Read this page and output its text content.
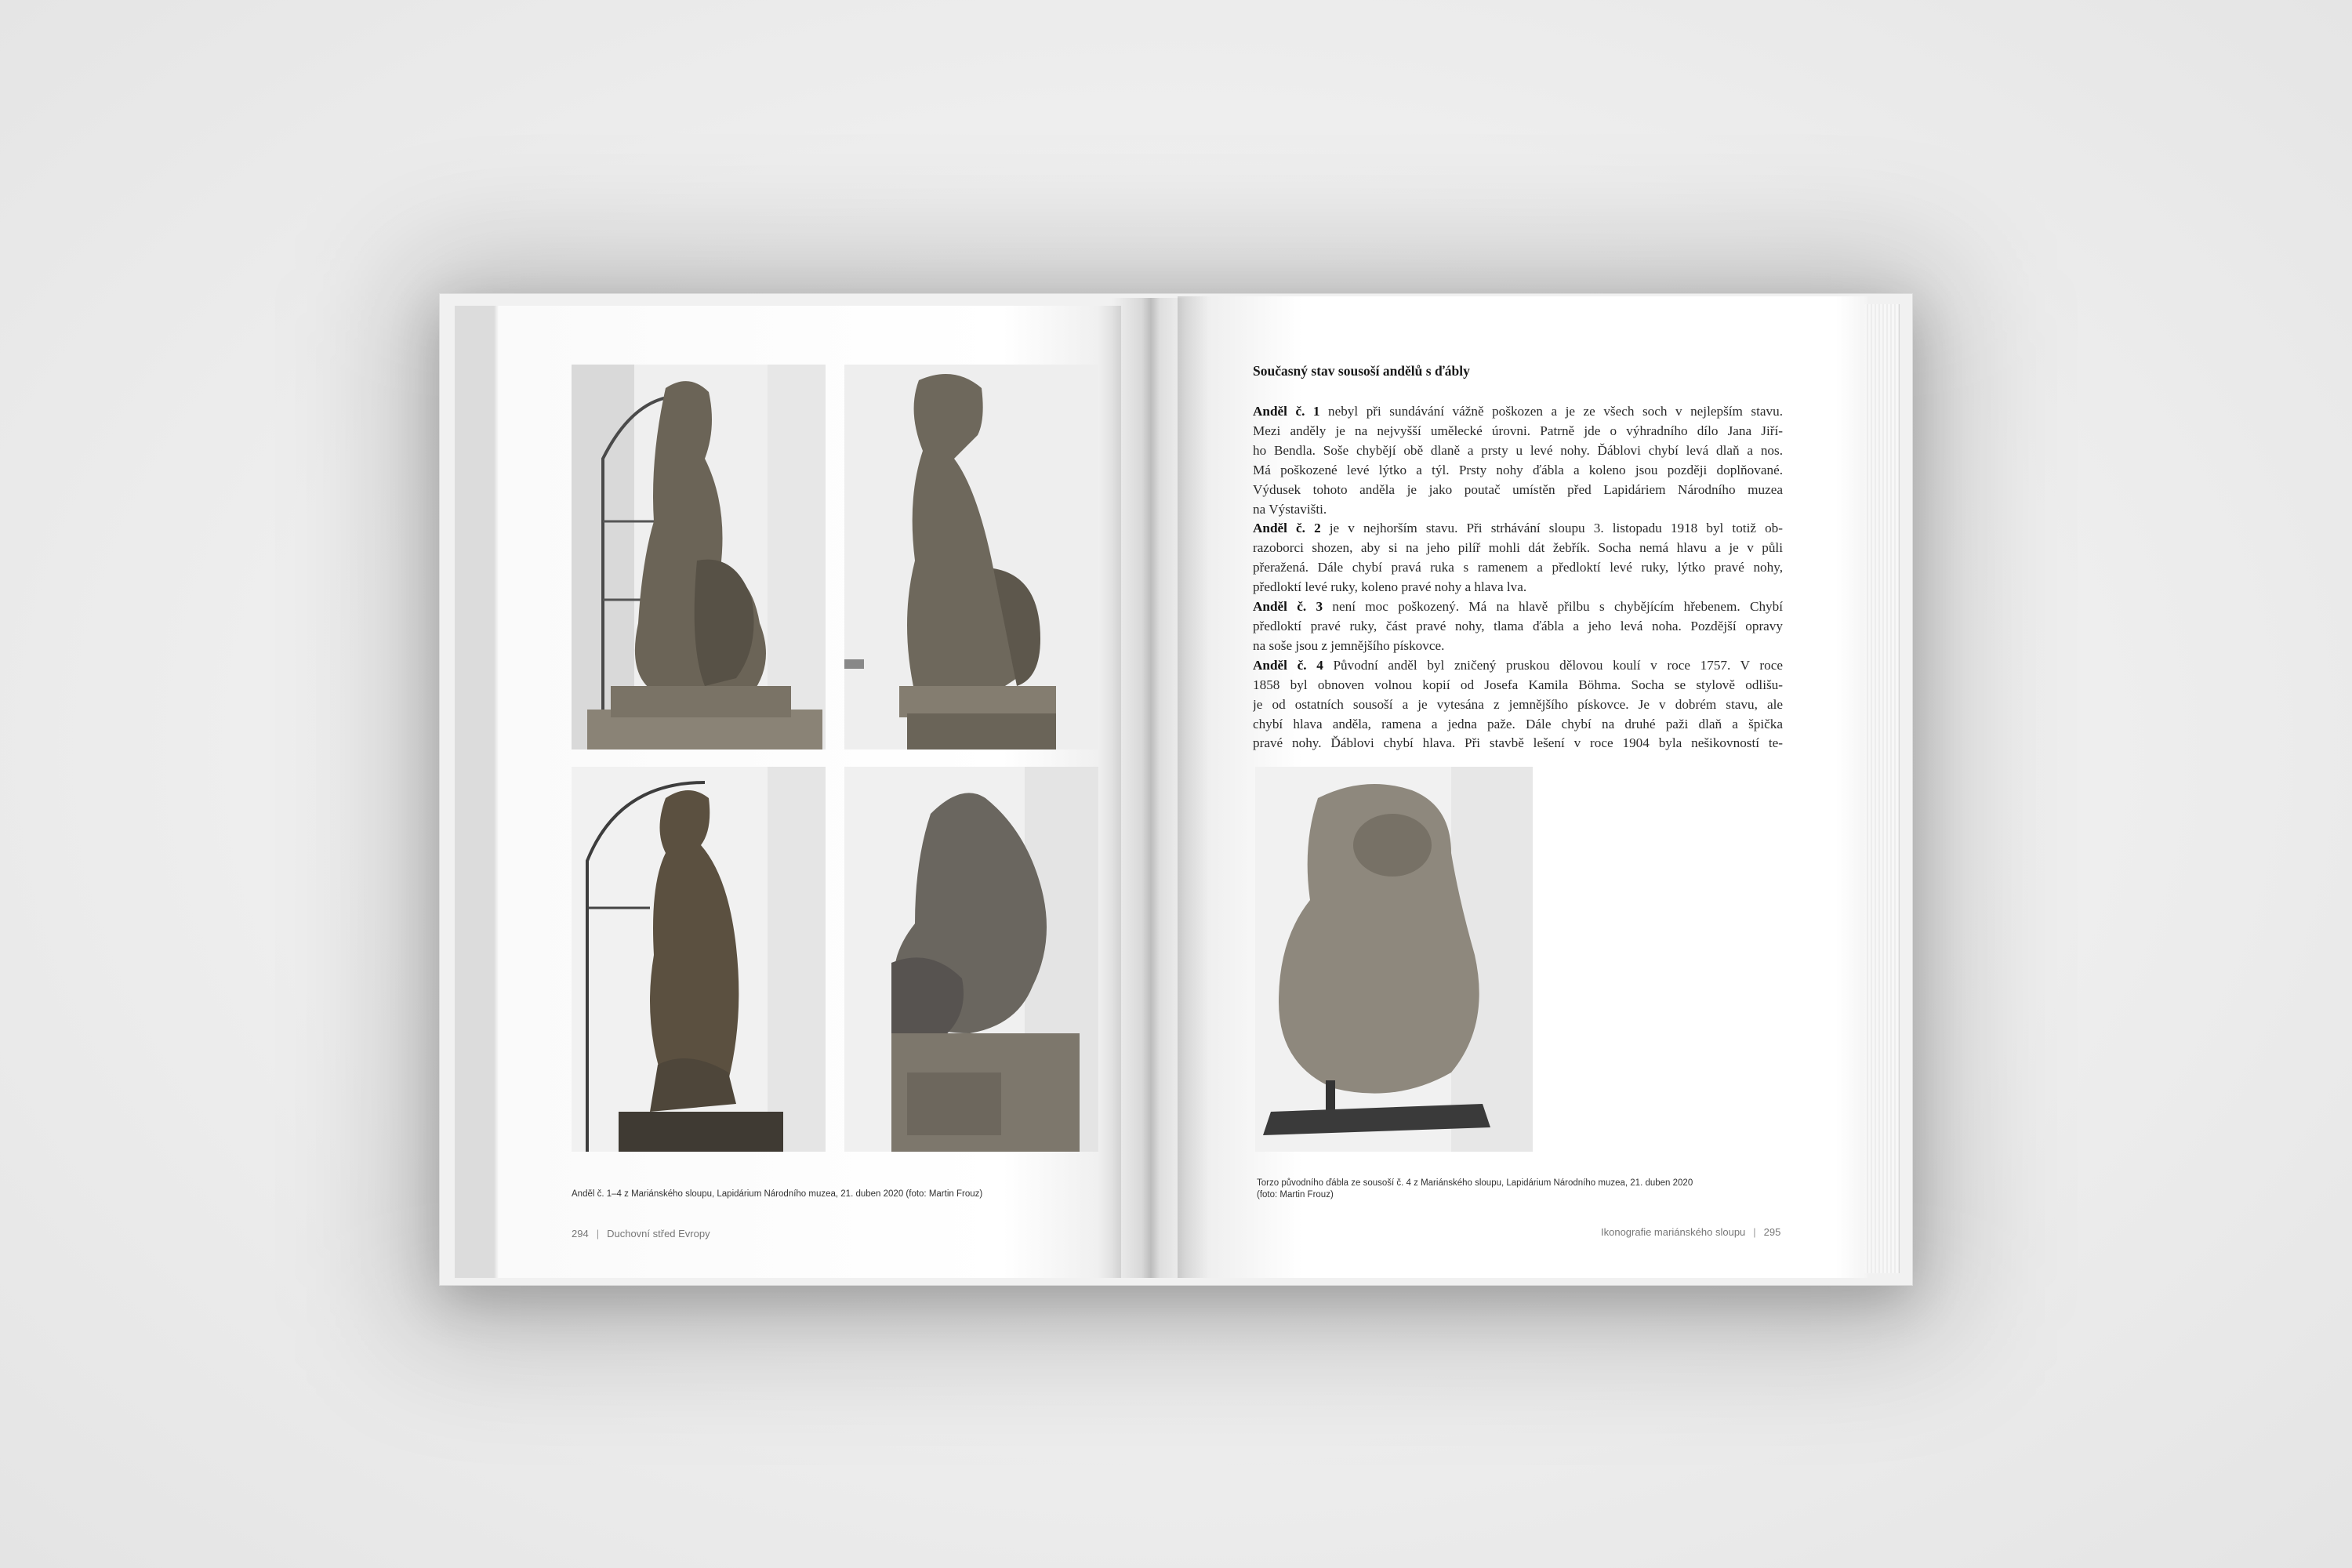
Anděl č. 1–4 z Mariánského sloupu, Lapidárium Národního muzea, 21. duben 2020 (foto: Martin Frouz)
294 | Duchovní střed Evropy
Současný stav sousoší andělů s ďábly
Anděl č. 1 nebyl při sundávání vážně poškozen a je ze všech soch v nejlepším stavu.
Mezi anděly je na nejvyšší umělecké úrovni. Patrně jde o výhradního dílo Jana Jiří-
ho Bendla. Soše chybějí obě dlaně a prsty u levé nohy. Ďáblovi chybí levá dlaň a nos.
Má poškozené levé lýtko a týl. Prsty nohy ďábla a koleno jsou později doplňované.
Výdusek tohoto anděla je jako poutač umístěn před Lapidáriem Národního muzea
na Výstavišti.
Anděl č. 2 je v nejhorším stavu. Při strhávání sloupu 3. listopadu 1918 byl totiž ob-
razoborci shozen, aby si na jeho pilíř mohli dát žebřík. Socha nemá hlavu a je v půli
přeražená. Dále chybí pravá ruka s ramenem a předloktí levé ruky, lýtko pravé nohy,
předloktí levé ruky, koleno pravé nohy a hlava lva.
Anděl č. 3 není moc poškozený. Má na hlavě přilbu s chybějícím hřebenem. Chybí
předloktí pravé ruky, část pravé nohy, tlama ďábla a jeho levá noha. Pozdější opravy
na soše jsou z jemnějšího pískovce.
Anděl č. 4 Původní anděl byl zničený pruskou dělovou koulí v roce 1757. V roce
1858 byl obnoven volnou kopií od Josefa Kamila Böhma. Socha se stylově odlišu-
je od ostatních sousoší a je vytesána z jemnějšího pískovce. Je v dobrém stavu, ale
chybí hlava anděla, ramena a jedna paže. Dále chybí na druhé paži dlaň a špička
pravé nohy. Ďáblovi chybí hlava. Při stavbě lešení v roce 1904 byla nešikovností te-
Torzo původního ďábla ze sousoší č. 4 z Mariánského sloupu, Lapidárium Národního muzea, 21. duben 2020
(foto: Martin Frouz)
Ikonografie mariánského sloupu | 295
